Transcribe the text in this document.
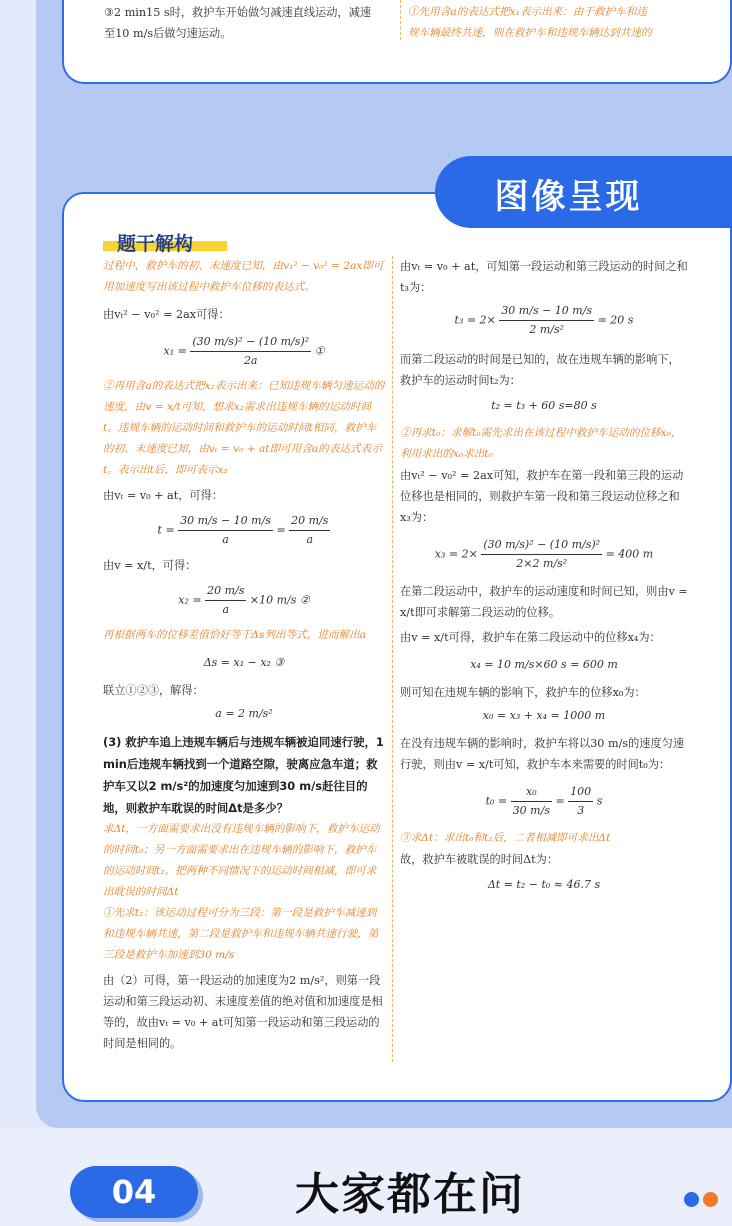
③2 min15 s时，救护车开始做匀减速直线运动，减速
至10 m/s后做匀速运动。
①先用含a的表达式把x₁表示出来：由于救护车和违
规车辆最终共速，则在救护车和违规车辆达到共速的
图像呈现
题干解构
过程中，救护车的初、末速度已知，由v₁² − v₀² = 2ax即可用加速度写出该过程中救护车位移的表达式。
由vₜ² − v₀² = 2ax可得：
$x_1 = \frac{\text{(30 m/s)² − (10 m/s)²}}{2a}$ ①
②再用含a的表达式把x₂表示出来：已知违规车辆匀速运动的速度，由v = x/t可知，想求x₂需求出违规车辆的运动时间t。违规车辆的运动时间和救护车的运动时间t相同，救护车的初、末速度已知，由vₜ = v₀ + at即可用含a的表达式表示t。表示出t后，即可表示x₂
由vₜ = v₀ + at，可得：
$t = \frac{30 m/s - 10 m/s}{a} = \frac{20 m/s}{a}$
由v = x/t，可得：
$x_2 = \frac{20 m/s}{a} \times 10$ m/s ②
再根据两车的位移差值恰好等于Δs列出等式，进而解出a
Δs = x₁ − x₂ ③
联立①②③，解得：
a = 2 m/s²
(3) 救护车追上违规车辆后与违规车辆被迫同速行驶，1 min后违规车辆找到一个道路空隙，驶离应急车道；救护车又以2 m/s²的加速度匀加速到30 m/s赶往目的地，则救护车耽误的时间Δt是多少？
求Δt，一方面需要求出没有违规车辆的影响下，救护车运动的时间t₀；另一方面需要求出在违规车辆的影响下，救护车的运动时间t₂。把两种不同情况下的运动时间相减，即可求出耽误的时间Δt
①先求t₂：该运动过程可分为三段：第一段是救护车减速到和违规车辆共速，第二段是救护车和违规车辆共速行驶，第三段是救护车加速到30 m/s
由（2）可得，第一段运动的加速度为2 m/s²，则第一段运动和第三段运动初、末速度差值的绝对值和加速度是相等的，故由vₜ = v₀ + at可知第一段运动和第三段运动的时间是相同的。
由vₜ = v₀ + at，可知第一段运动和第三段运动的时间之和t₃为：
$t_3 = 2\times \frac{30 m/s - 10 m/s}{\text{2 m/s²}} = 20$ s
而第二段运动的时间是已知的，故在违规车辆的影响下，救护车的运动时间t₂为：
t₂ = t₃ + 60 s=80 s
②再求t₀：求解t₀需先求出在该过程中救护车运动的位移x₀，利用求出的x₀求出t₀
由vₜ² − v₀² = 2ax可知，救护车在第一段和第三段的运动位移也是相同的，则救护车第一段和第三段运动位移之和x₃为：
$x_3 = 2\times \frac{\text{(30 m/s)² − (10 m/s)²}}{\text{2×2 m/s²}} = 400$ m
在第二段运动中，救护车的运动速度和时间已知，则由v = x/t即可求解第二段运动的位移。
由v = x/t可得，救护车在第二段运动中的位移x₄为：
x₄ = 10 m/s×60 s = 600 m
则可知在违规车辆的影响下，救护车的位移x₀为：
x₀ = x₃ + x₄ = 1000 m
在没有违规车辆的影响时，救护车将以30 m/s的速度匀速行驶，则由v = x/t可知，救护车本来需要的时间t₀为：
$t_0 = \frac{\text{x₀}}{30 m/s} = \frac{100}{3}$ s
③求Δt：求出t₀和t₂后，二者相减即可求出Δt
故，救护车被耽误的时间Δt为：
Δt = t₂ − t₀ ≈ 46.7 s
04	大家都在问
